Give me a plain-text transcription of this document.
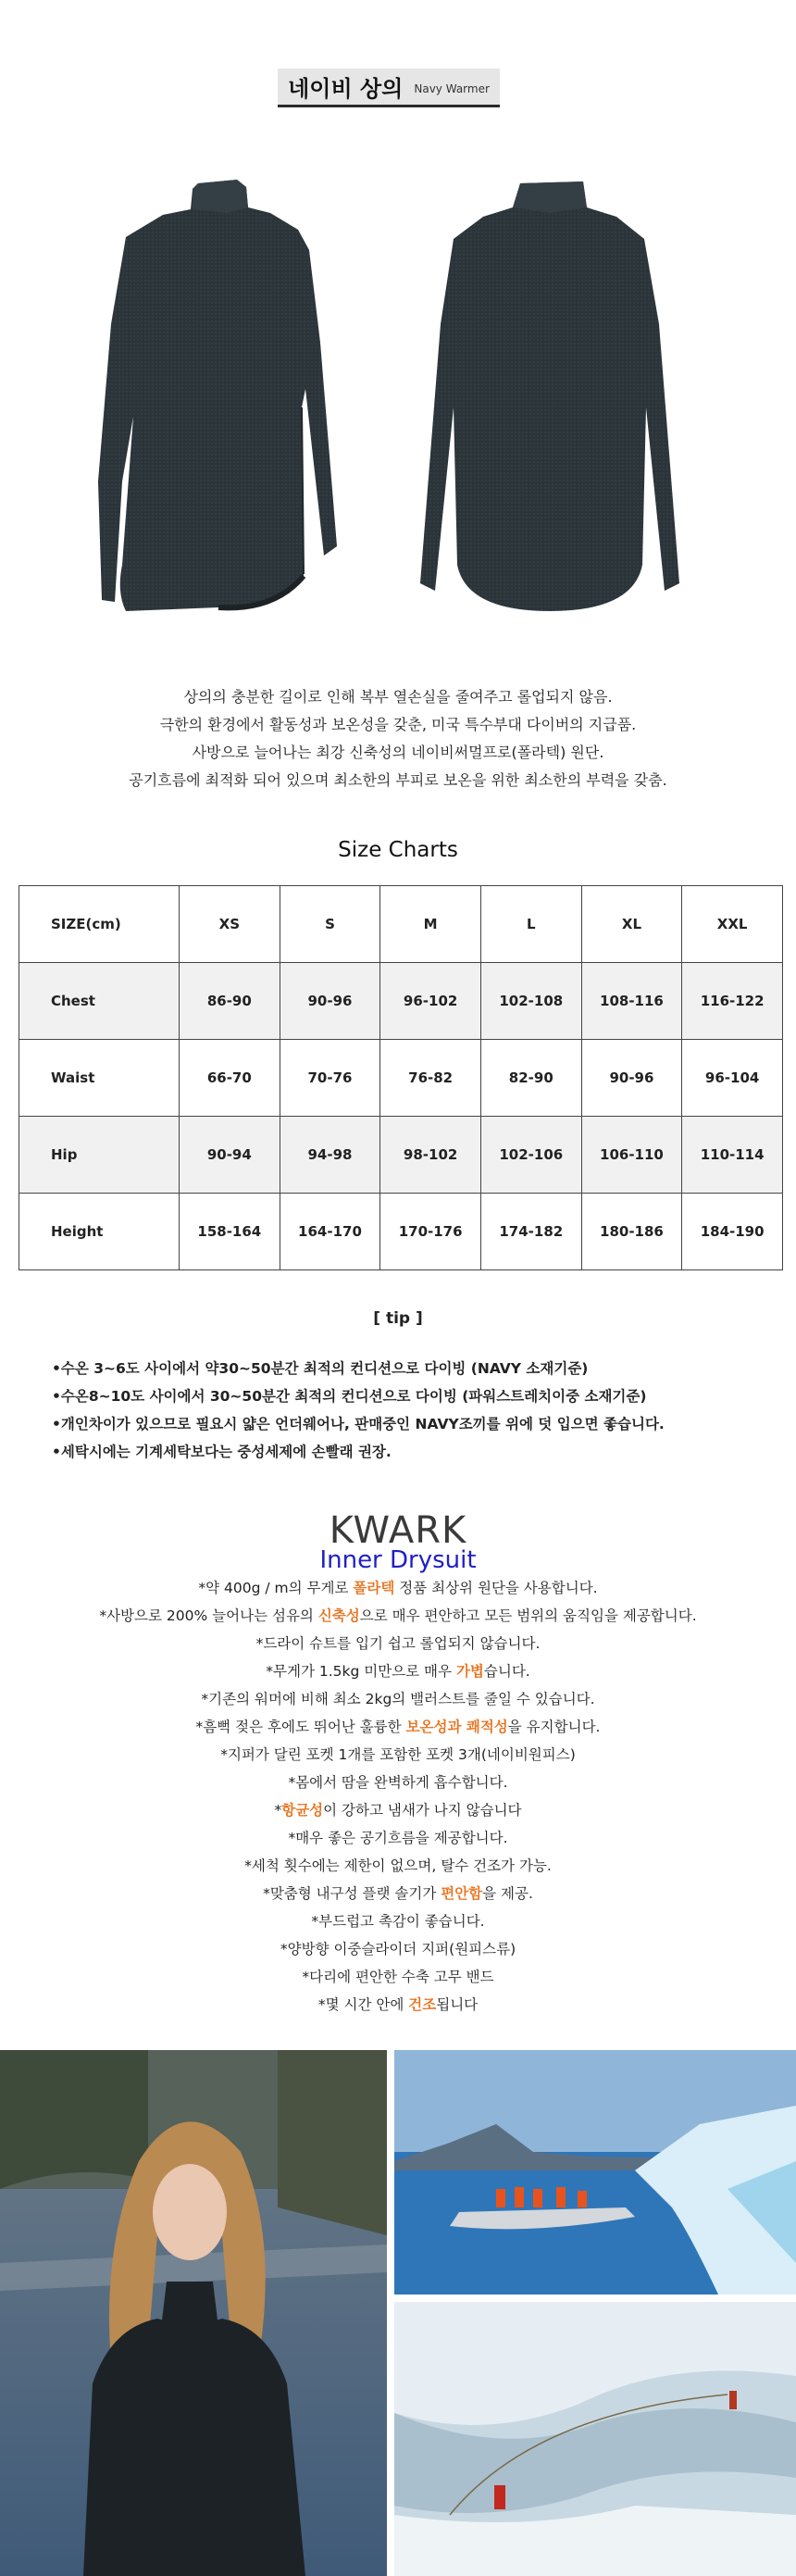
네이비 상의 Navy Warmer

상의의 충분한 길이로 인해 복부 열손실을 줄여주고 롤업되지 않음.

극한의 환경에서 활동성과 보온성을 갖춘, 미국 특수부대 다이버의 지급품.

사방으로 늘어나는 최강 신축성의 네이비써멀프로(폴라텍) 원단.

공기흐름에 최적화 되어 있으며 최소한의 부피로 보온을 위한 최소한의 부력을 갖춤.

Size Charts
SIZE(cm)	XS	S	M	L	XL	XXL
Chest	86-90	90-96	96-102	102-108	108-116	116-122
Waist	66-70	70-76	76-82	82-90	90-96	96-104
Hip	90-94	94-98	98-102	102-106	106-110	110-114
Height	158-164	164-170	170-176	174-182	180-186	184-190
[ tip ]

•수온 3~6도 사이에서 약30~50분간 최적의 컨디션으로 다이빙 (NAVY 소재기준)

•수온8~10도 사이에서 30~50분간 최적의 컨디션으로 다이빙 (파워스트레치이중 소재기준)

•개인차이가 있으므로 필요시 얇은 언더웨어나, 판매중인 NAVY조끼를 위에 덧 입으면 좋습니다.

•세탁시에는 기계세탁보다는 중성세제에 손빨래 권장.

KWARK
Inner Drysuit

*약 400g / m의 무게로 폴라텍 정품 최상위 원단을 사용합니다.

*사방으로 200% 늘어나는 섬유의 신축성으로 매우 편안하고 모든 범위의 움직임을 제공합니다.

*드라이 슈트를 입기 쉽고 롤업되지 않습니다.

*무게가 1.5kg 미만으로 매우 가볍습니다.

*기존의 워머에 비해 최소 2kg의 밸러스트를 줄일 수 있습니다.

*흠뻑 젖은 후에도 뛰어난 훌륭한 보온성과 쾌적성을 유지합니다.

*지퍼가 달린 포켓 1개를 포함한 포켓 3개(네이비원피스)

*몸에서 땀을 완벽하게 흡수합니다.

*항균성이 강하고 냄새가 나지 않습니다

*매우 좋은 공기흐름을 제공합니다.

*세척 횟수에는 제한이 없으며, 탈수 건조가 가능.

*맞춤형 내구성 플랫 솔기가 편안함을 제공.

*부드럽고 촉감이 좋습니다.

*양방향 이중슬라이더 지퍼(원피스류)

*다리에 편안한 수축 고무 밴드

*몇 시간 안에 건조됩니다
